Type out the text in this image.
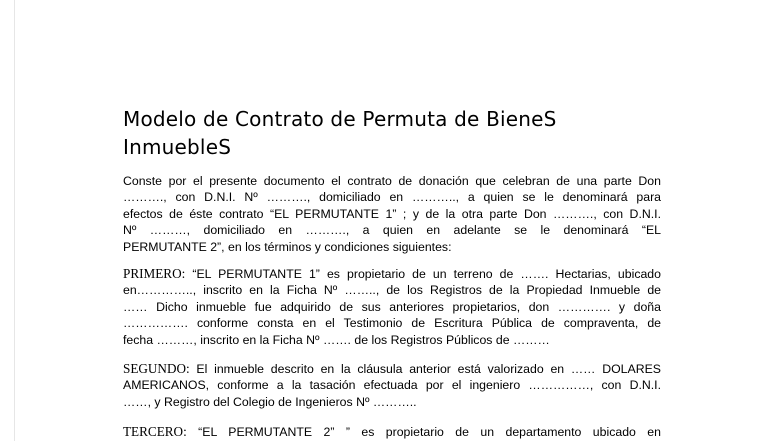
Modelo de Contrato de Permuta de BieneS
InmuebleS
Conste por el presente documento el contrato de donación que celebran de una parte Don
………., con D.N.I. Nº ………., domiciliado en ……….., a quien se le denominará para
efectos de éste contrato “EL PERMUTANTE 1” ; y de la otra parte Don ………., con D.N.I.
Nº ………, domiciliado en ………., a quien en adelante se le denominará “EL
PERMUTANTE 2”, en los términos y condiciones siguientes:
PRIMERO: “EL PERMUTANTE 1” es propietario de un terreno de ……. Hectarias, ubicado
en………….., inscrito en la Ficha Nº …….., de los Registros de la Propiedad Inmueble de
…… Dicho inmueble fue adquirido de sus anteriores propietarios, don …………. y doña
……………. conforme consta en el Testimonio de Escritura Pública de compraventa, de
fecha ………, inscrito en la Ficha Nº ……. de los Registros Públicos de ………
SEGUNDO: El inmueble descrito en la cláusula anterior está valorizado en …… DOLARES
AMERICANOS, conforme a la tasación efectuada por el ingeniero ……………, con D.N.I.
……, y Registro del Colegio de Ingenieros Nº ………..
TERCERO: “EL PERMUTANTE 2” ” es propietario de un departamento ubicado en
